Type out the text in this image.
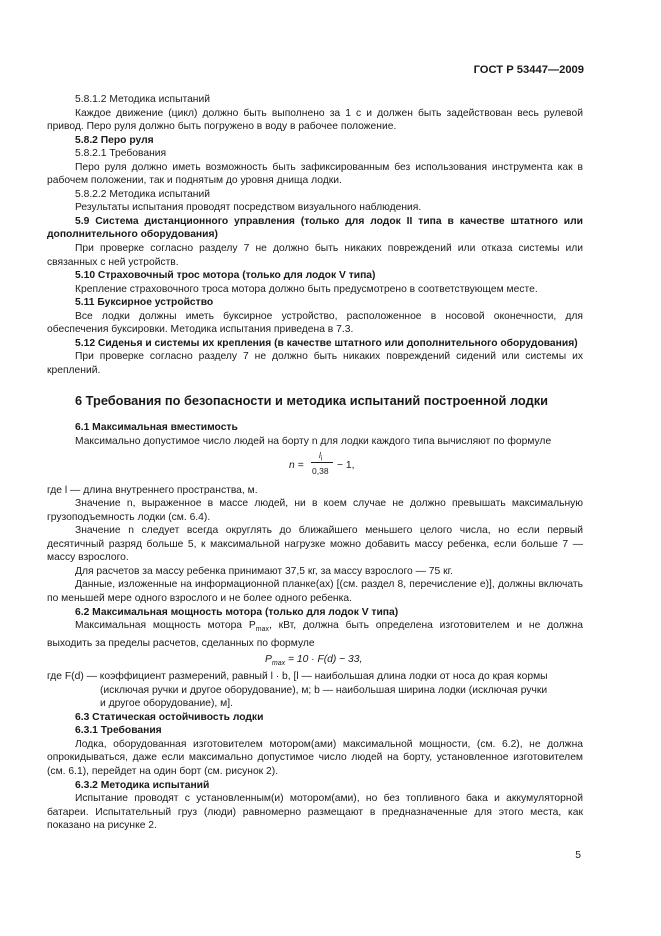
ГОСТ Р 53447—2009

5.8.1.2 Методика испытаний

Каждое движение (цикл) должно быть выполнено за 1 с и должен быть задействован весь рулевой привод. Перо руля должно быть погружено в воду в рабочее положение.

5.8.2 Перо руля

5.8.2.1 Требования

Перо руля должно иметь возможность быть зафиксированным без использования инструмента как в рабочем положении, так и поднятым до уровня днища лодки.

5.8.2.2 Методика испытаний

Результаты испытания проводят посредством визуального наблюдения.

5.9 Система дистанционного управления (только для лодок II типа в качестве штатного или дополнительного оборудования)

При проверке согласно разделу 7 не должно быть никаких повреждений или отказа системы или связанных с ней устройств.

5.10 Страховочный трос мотора (только для лодок V типа)

Крепление страховочного троса мотора должно быть предусмотрено в соответствующем месте.

5.11 Буксирное устройство

Все лодки должны иметь буксирное устройство, расположенное в носовой оконечности, для обеспечения буксировки. Методика испытания приведена в 7.3.

5.12 Сиденья и системы их крепления (в качестве штатного или дополнительного оборудования)

При проверке согласно разделу 7 не должно быть никаких повреждений сидений или системы их креплений.

6 Требования по безопасности и методика испытаний построенной лодки

6.1 Максимальная вместимость

Максимально допустимое число людей на борту n для лодки каждого типа вычисляют по формуле

n =
$l_i$
0,38 − 1,

где l — длина внутреннего пространства, м.

Значение n, выраженное в массе людей, ни в коем случае не должно превышать максимальную грузоподъемность лодки (см. 6.4).

Значение n следует всегда округлять до ближайшего меньшего целого числа, но если первый десятичный разряд больше 5, к максимальной нагрузке можно добавить массу ребенка, если больше 7 — массу взрослого.

Для расчетов за массу ребенка принимают 37,5 кг, за массу взрослого — 75 кг.

Данные, изложенные на информационной планке(ах) [(см. раздел 8, перечисление е)], должны включать по меньшей мере одного взрослого и не более одного ребенка.

6.2 Максимальная мощность мотора (только для лодок V типа)

Максимальная мощность мотора $P_{max}$, кВт, должна быть определена изготовителем и не должна выходить за пределы расчетов, сделанных по формуле

$P_{max} = 10 \cdot F(d) - 33$,

где F(d) — коэффициент размерений, равный l · b, [l — наибольшая длина лодки от носа до края кормы

(исключая ручки и другое оборудование), м; b — наибольшая ширина лодки (исключая ручки

и другое оборудование), м].

6.3 Статическая остойчивость лодки

6.3.1 Требования

Лодка, оборудованная изготовителем мотором(ами) максимальной мощности, (см. 6.2), не должна опрокидываться, даже если максимально допустимое число людей на борту, установленное изготовителем (см. 6.1), перейдет на один борт (см. рисунок 2).

6.3.2 Методика испытаний

Испытание проводят с установленным(и) мотором(ами), но без топливного бака и аккумуляторной батареи. Испытательный груз (люди) равномерно размещают в предназначенные для этого места, как показано на рисунке 2.

5
